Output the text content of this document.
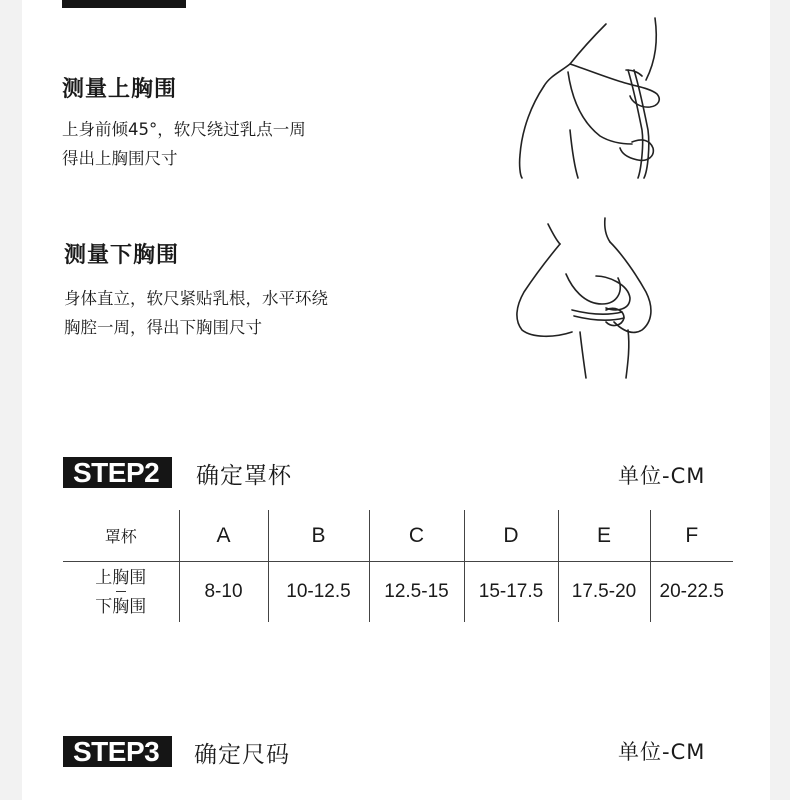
测量上胸围
上身前倾45°，软尺绕过乳点一周
得出上胸围尺寸
测量下胸围
身体直立，软尺紧贴乳根，水平环绕
胸腔一周，得出下胸围尺寸
STEP2	确定罩杯	单位-CM
罩杯	A	B	C	D	E	F

上胸围
下胸围	8-10	10-12.5	12.5-15	15-17.5	17.5-20	20-22.5
STEP3	确定尺码	单位-CM
